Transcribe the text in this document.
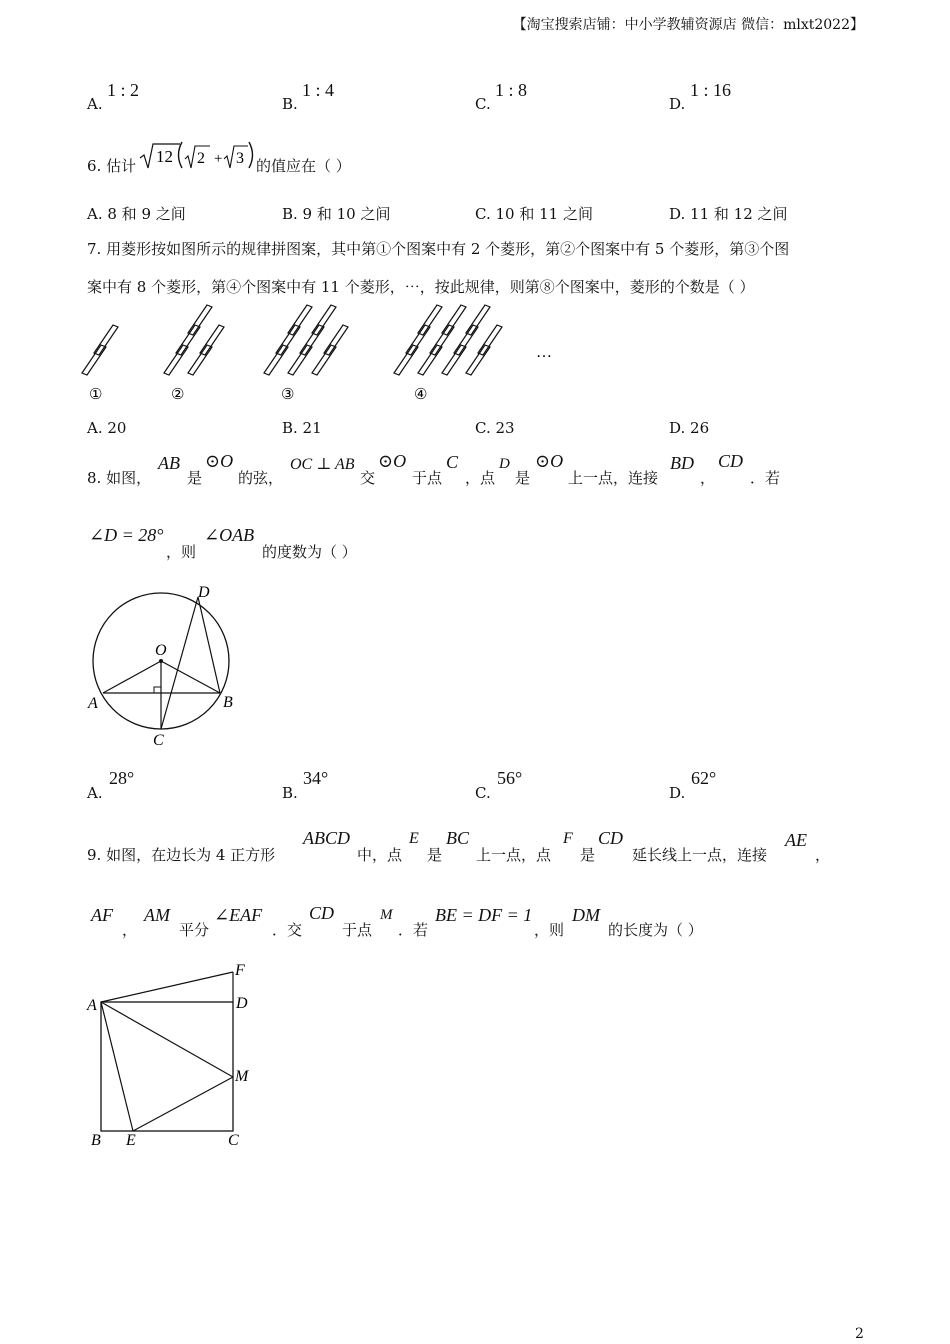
【淘宝搜索店铺：中小学教辅资源店 微信：mlxt2022】
A.
1 : 2
B.
1 : 4
C.
1 : 8
D.
1 : 16
6. 估计 12 2 + 3 的值应在（ ）
A. 8 和 9 之间	B. 9 和 10 之间	C. 10 和 11 之间	D. 11 和 12 之间
7. 用菱形按如图所示的规律拼图案，其中第①个图案中有 2 个菱形，第②个图案中有 5 个菱形，第③个图
案中有 8 个菱形，第④个图案中有 11 个菱形，⋯，按此规律，则第⑧个图案中，菱形的个数是（ ）
①	②	③	④
…
A. 20	B. 21	C. 23	D. 26
8. 如图，
AB
是
⊙O
的弦，
OC ⊥ AB
交
⊙O
于点
C
，点
D
是
⊙O
上一点，连接
BD
，
CD
．若
∠D = 28°
，则
∠OAB
的度数为（ ）
D
O
A	B
C
A.
28°
B.
34°
C.
56°
D.
62°
9. 如图，在边长为 4 正方形
ABCD
中，点
E
是
BC
上一点，点
F
是
CD
延长线上一点，连接
AE
，
AF
，
AM
平分
∠EAF
．交
CD
于点
M
．若
BE = DF = 1
，则
DM
的长度为（ ）
F
A	D
M
B E	C
2
